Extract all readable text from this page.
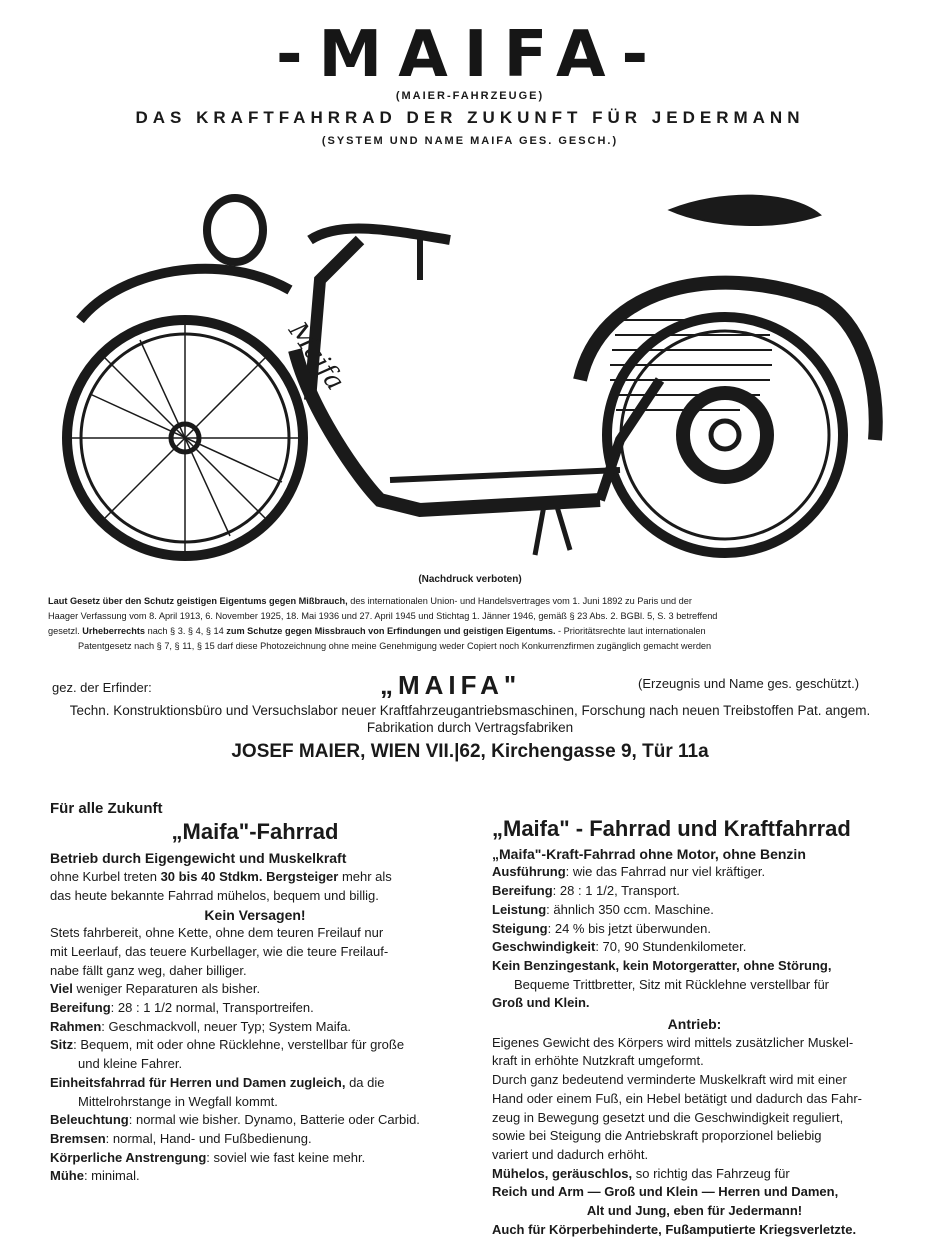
-MAIFA-
(MAIER-FAHRZEUGE)
DAS KRAFTFAHRRAD DER ZUKUNFT FÜR JEDERMANN
(SYSTEM UND NAME MAIFA GES. GESCH.)
Maifa
(Nachdruck verboten)
Laut Gesetz über den Schutz geistigen Eigentums gegen Mißbrauch, des internationalen Union- und Handelsvertrages vom 1. Juni 1892 zu Paris und der
Haager Verfassung vom 8. April 1913, 6. November 1925, 18. Mai 1936 und 27. April 1945 und Stichtag 1. Jänner 1946, gemäß § 23 Abs. 2. BGBl. 5, S. 3 betreffend
gesetzl. Urheberrechts nach § 3. § 4, § 14 zum Schutze gegen Missbrauch von Erfindungen und geistigen Eigentums. - Prioritätsrechte laut internationalen
Patentgesetz nach § 7, § 11, § 15 darf diese Photozeichnung ohne meine Genehmigung weder Copiert noch Konkurrenzfirmen zugänglich gemacht werden
gez. der Erfinder:	„MAIFA"	(Erzeugnis und Name ges. geschützt.)
Techn. Konstruktionsbüro und Versuchslabor neuer Kraftfahrzeugantriebsmaschinen, Forschung nach neuen Treibstoffen Pat. angem.
Fabrikation durch Vertragsfabriken
JOSEF MAIER, WIEN VII.|62, Kirchengasse 9, Tür 11a
Für alle Zukunft
„Maifa"-Fahrrad
Betrieb durch Eigengewicht und Muskelkraft
ohne Kurbel treten 30 bis 40 Stdkm. Bergsteiger mehr als
das heute bekannte Fahrrad mühelos, bequem und billig.
Kein Versagen!
Stets fahrbereit, ohne Kette, ohne dem teuren Freilauf nur
mit Leerlauf, das teuere Kurbellager, wie die teure Freilauf-
nabe fällt ganz weg, daher billiger.
Viel weniger Reparaturen als bisher.
Bereifung: 28 : 1 1/2 normal, Transportreifen.
Rahmen: Geschmackvoll, neuer Typ; System Maifa.
Sitz: Bequem, mit oder ohne Rücklehne, verstellbar für große
und kleine Fahrer.
Einheitsfahrrad für Herren und Damen zugleich, da die
Mittelrohrstange in Wegfall kommt.
Beleuchtung: normal wie bisher. Dynamo, Batterie oder Carbid.
Bremsen: normal, Hand- und Fußbedienung.
Körperliche Anstrengung: soviel wie fast keine mehr.
Mühe: minimal.
„Maifa" - Fahrrad und Kraftfahrrad
„Maifa"-Kraft-Fahrrad ohne Motor, ohne Benzin
Ausführung: wie das Fahrrad nur viel kräftiger.
Bereifung: 28 : 1 1/2, Transport.
Leistung: ähnlich 350 ccm. Maschine.
Steigung: 24 % bis jetzt überwunden.
Geschwindigkeit: 70, 90 Stundenkilometer.
Kein Benzingestank, kein Motorgeratter, ohne Störung,
Bequeme Trittbretter, Sitz mit Rücklehne verstellbar für
Groß und Klein.
Antrieb:
Eigenes Gewicht des Körpers wird mittels zusätzlicher Muskel-
kraft in erhöhte Nutzkraft umgeformt.
Durch ganz bedeutend verminderte Muskelkraft wird mit einer
Hand oder einem Fuß, ein Hebel betätigt und dadurch das Fahr-
zeug in Bewegung gesetzt und die Geschwindigkeit reguliert,
sowie bei Steigung die Antriebskraft proporzionel beliebig
variert und dadurch erhöht.
Mühelos, geräuschlos, so richtig das Fahrzeug für
Reich und Arm — Groß und Klein — Herren und Damen,
Alt und Jung, eben für Jedermann!
Auch für Körperbehinderte, Fußamputierte Kriegsverletzte.
